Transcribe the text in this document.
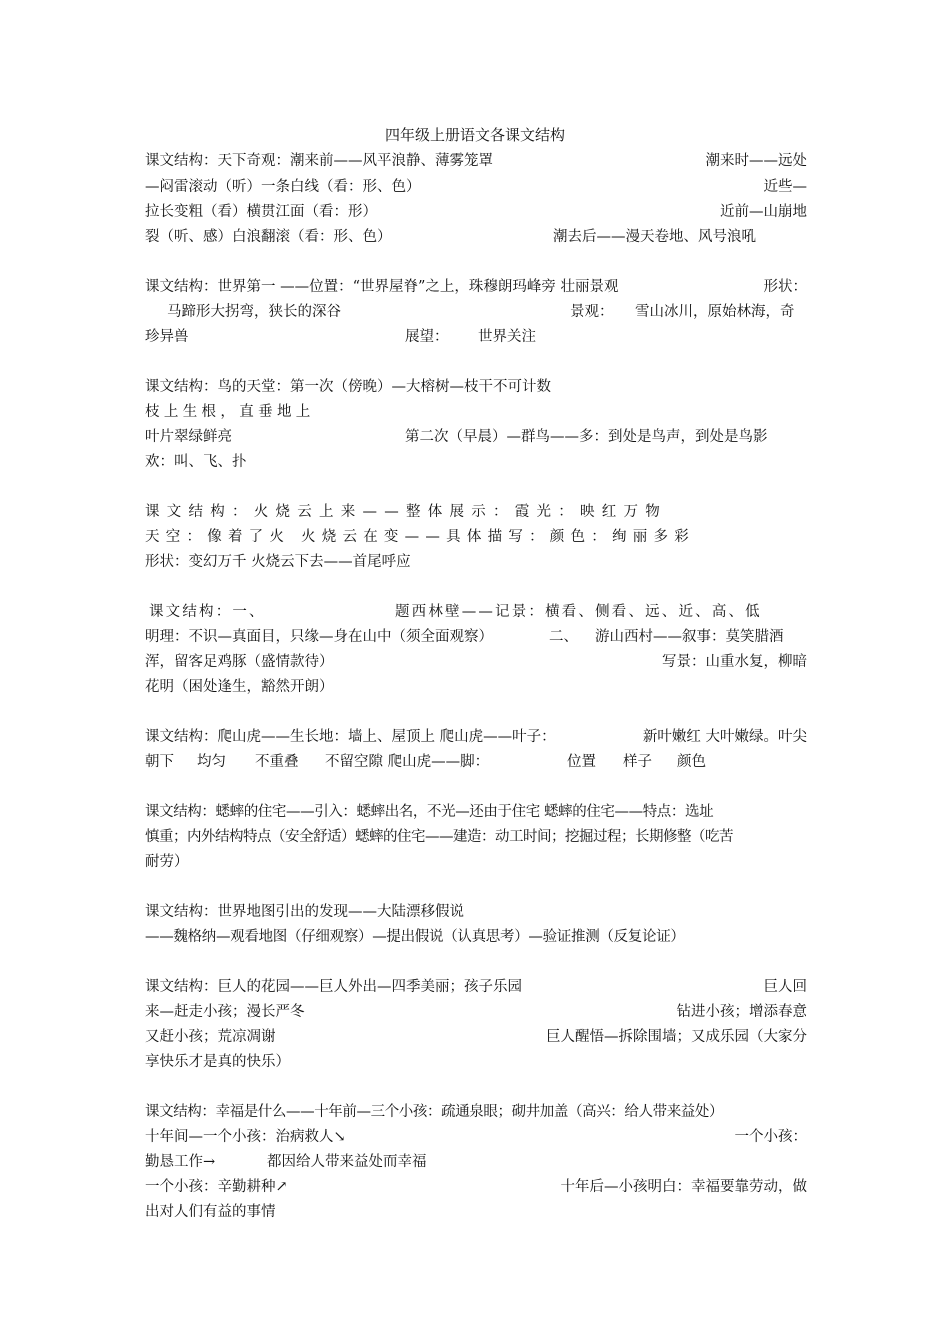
四年级上册语文各课文结构
课文结构：天下奇观：潮来前——风平浪静、薄雾笼罩	潮来时——远处
—闷雷滚动（听）一条白线（看：形、色）	近些—
拉长变粗（看）横贯江面（看：形）	近前—山崩地
裂（听、感）白浪翻滚（看：形、色）	潮去后——漫天卷地、风号浪吼
课文结构：世界第一 ——位置：“世界屋脊”之上，珠穆朗玛峰旁 壮丽景观	形状：
马蹄形大拐弯，狭长的深谷	景观： 雪山冰川，原始林海，奇
珍异兽	展望： 世界关注
课文结构：鸟的天堂：第一次（傍晚）—大榕树—枝干不可计数
枝上生根，直垂地上
叶片翠绿鲜亮	第二次（早晨）—群鸟——多：到处是鸟声，到处是鸟影
欢：叫、飞、扑
课文结构：火烧云上来——整体展示：霞光：映红万物
天空：像着了火 火烧云在变——具体描写：颜色：绚丽多彩
形状：变幻万千 火烧云下去——首尾呼应
课文结构：一、	题西林壁——记景：横看、侧看、远、近、高、低
明理：不识—真面目，只缘—身在山中（须全面观察）	二、 游山西村——叙事：莫笑腊酒
浑，留客足鸡豚（盛情款待）	写景：山重水复，柳暗
花明（困处逢生，豁然开朗）
课文结构：爬山虎——生长地：墙上、屋顶上 爬山虎——叶子：	新叶嫩红 大叶嫩绿。叶尖
朝下 均匀 不重叠 不留空隙 爬山虎——脚：	位置 样子 颜色
课文结构：蟋蟀的住宅——引入：蟋蟀出名，不光—还由于住宅 蟋蟀的住宅——特点：选址
慎重；内外结构特点（安全舒适）蟋蟀的住宅——建造：动工时间；挖掘过程；长期修整（吃苦
耐劳）
课文结构：世界地图引出的发现——大陆漂移假说
——魏格纳—观看地图（仔细观察）—提出假说（认真思考）—验证推测（反复论证）
课文结构：巨人的花园——巨人外出—四季美丽；孩子乐园	巨人回
来—赶走小孩；漫长严冬	钻进小孩；增添春意
又赶小孩；荒凉凋谢	巨人醒悟—拆除围墙；又成乐园（大家分
享快乐才是真的快乐）
课文结构：幸福是什么——十年前—三个小孩：疏通泉眼；砌井加盖（高兴：给人带来益处）
十年间—一个小孩：治病救人↘	一个小孩：
勤恳工作→	都因给人带来益处而幸福
一个小孩：辛勤耕种↗	十年后—小孩明白：幸福要靠劳动，做
出对人们有益的事情
